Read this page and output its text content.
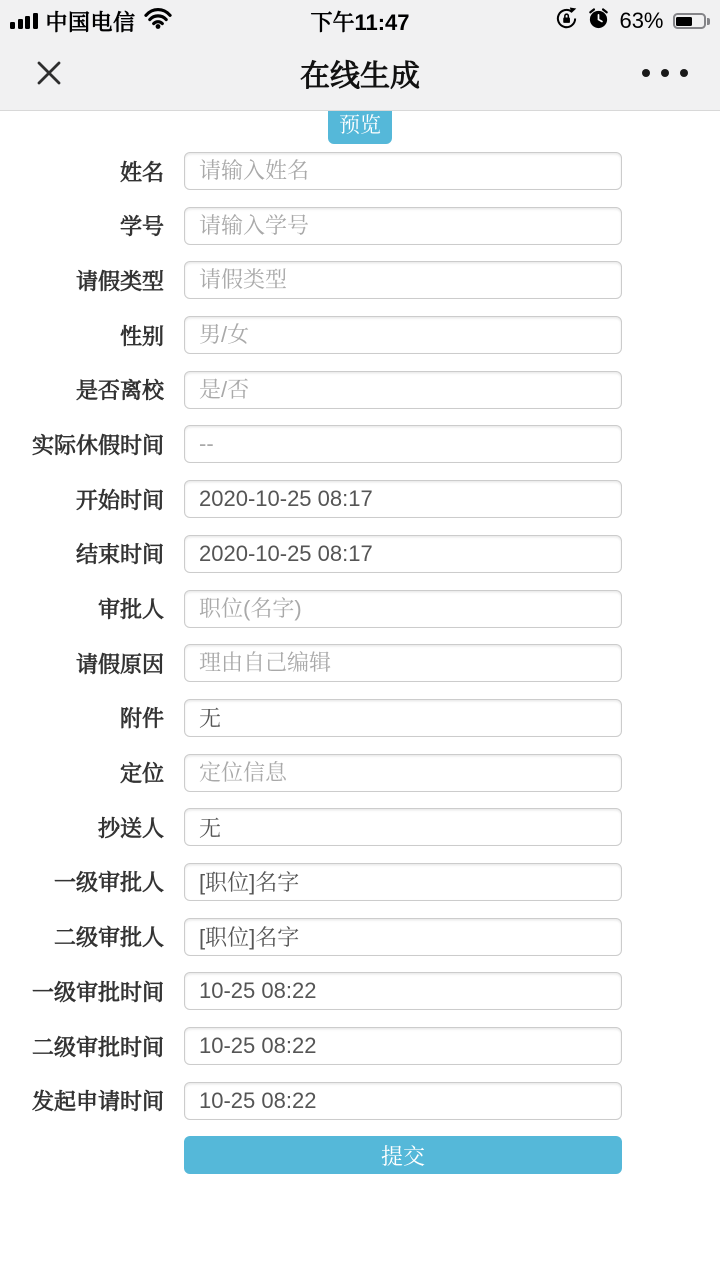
中国电信	下午11:47	63%
在线生成
预览
姓名
请输入姓名
学号
请输入学号
请假类型
请假类型
性别
男/女
是否离校
是/否
实际休假时间
--
开始时间
2020-10-25 08:17
结束时间
2020-10-25 08:17
审批人
职位(名字)
请假原因
理由自己编辑
附件
无
定位
定位信息
抄送人
无
一级审批人
[职位]名字
二级审批人
[职位]名字
一级审批时间
10-25 08:22
二级审批时间
10-25 08:22
发起申请时间
10-25 08:22
提交
